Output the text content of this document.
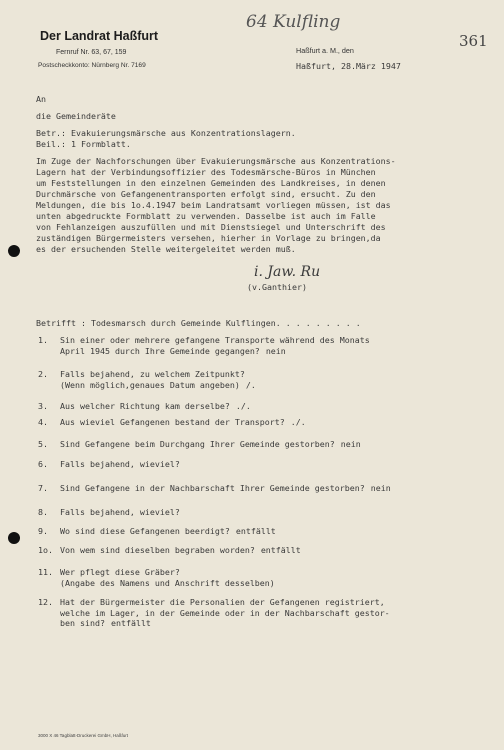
Der Landrat Haßfurt
Fernruf Nr. 63, 67, 159
Postscheckkonto: Nürnberg Nr. 7169
64 Kulfling
361
Haßfurt a. M., den
Haßfurt, 28.März 1947
An
die Gemeinderäte
Betr.: Evakuierungsmärsche aus Konzentrationslagern.
Beil.: 1 Formblatt.
Im Zuge der Nachforschungen über Evakuierungsmärsche aus Konzentrations-
Lagern hat der Verbindungsoffizier des Todesmärsche-Büros in München
um Feststellungen in den einzelnen Gemeinden des Landkreises, in denen
Durchmärsche von Gefangenentransporten erfolgt sind, ersucht. Zu den
Meldungen, die bis 1o.4.1947 beim Landratsamt vorliegen müssen, ist das
unten abgedruckte Formblatt zu verwenden. Dasselbe ist auch im Falle
von Fehlanzeigen auszufüllen und mit Dienstsiegel und Unterschrift des
zuständigen Bürgermeisters versehen, hierher in Vorlage zu bringen,da
es der ersuchenden Stelle weitergeleitet werden muß.
i. Jaw. Ru
(v.Ganthier)
Betrifft : Todesmarsch durch Gemeinde Kulflingen. . . . . . . . .
1. Sin einer oder mehrere gefangene Transporte während des Monats
April 1945 durch Ihre Gemeinde gegangen? nein
2. Falls bejahend, zu welchem Zeitpunkt?
(Wenn möglich,genaues Datum angeben) /.
3. Aus welcher Richtung kam derselbe? ./.
4. Aus wieviel Gefangenen bestand der Transport? ./.
5. Sind Gefangene beim Durchgang Ihrer Gemeinde gestorben? nein
6. Falls bejahend, wieviel?
7. Sind Gefangene in der Nachbarschaft Ihrer Gemeinde gestorben? nein
8. Falls bejahend, wieviel?
9. Wo sind diese Gefangenen beerdigt? entfällt
1o. Von wem sind dieselben begraben worden? entfällt
11. Wer pflegt diese Gräber?
(Angabe des Namens und Anschrift desselben)
12. Hat der Bürgermeister die Personalien der Gefangenen registriert,
welche im Lager, in der Gemeinde oder in der Nachbarschaft gestor-
ben sind? entfällt
3000 X 46 Tagblatt-Druckerei GmbH, Haßfurt
